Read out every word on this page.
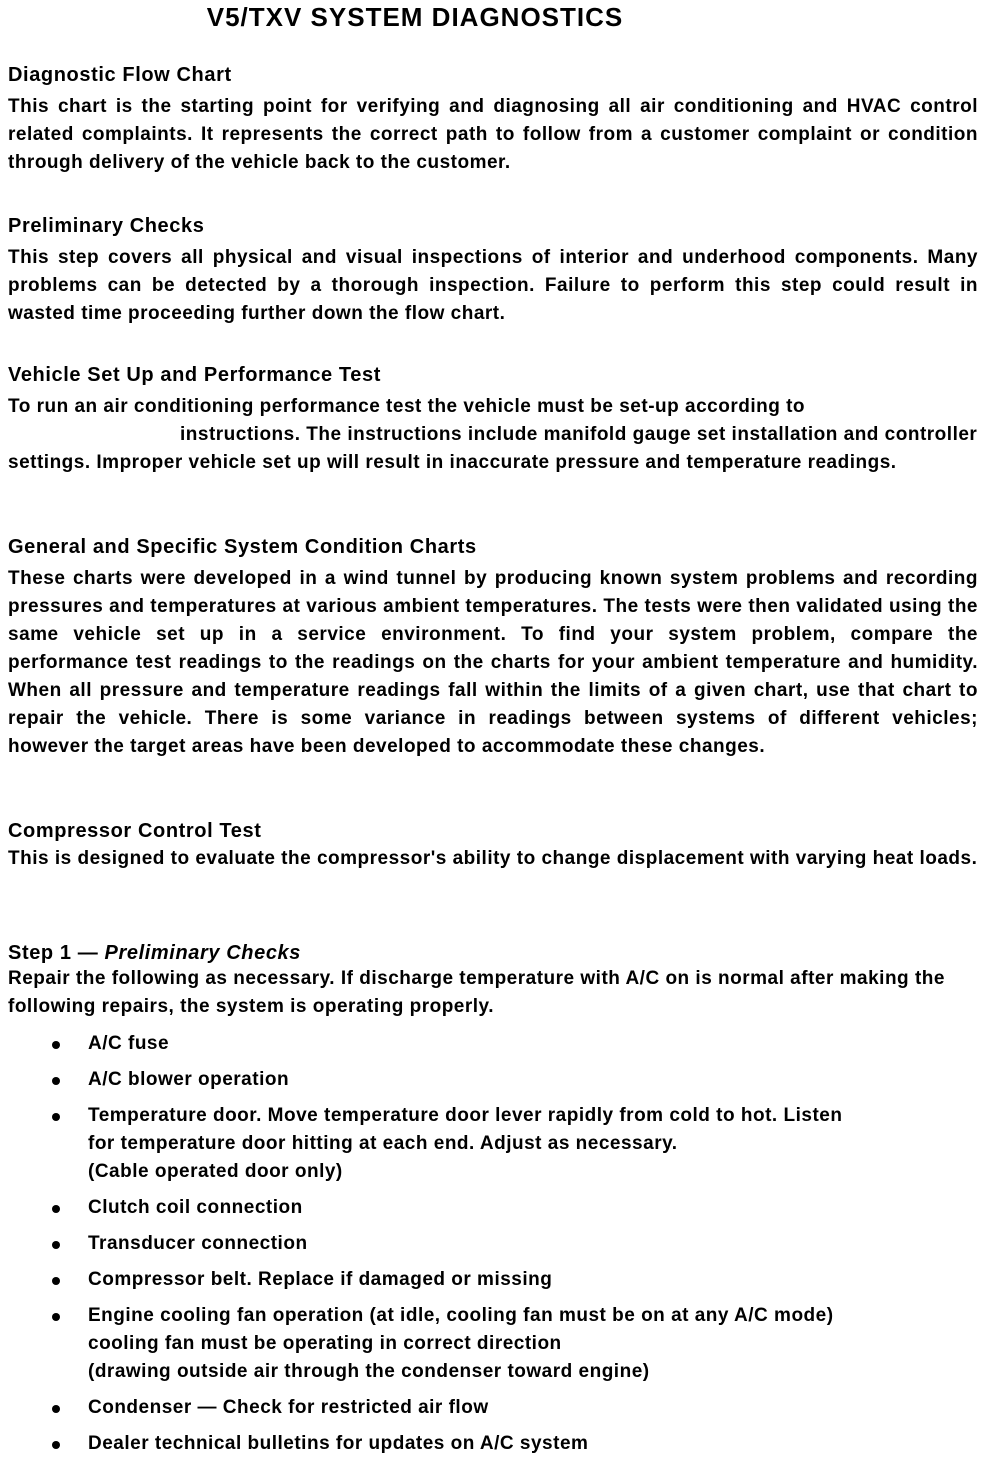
V5/TXV SYSTEM DIAGNOSTICS
Diagnostic Flow Chart

This chart is the starting point for verifying and diagnosing all air conditioning and HVAC control related complaints. It represents the correct path to follow from a customer complaint or condition through delivery of the vehicle back to the customer.

Preliminary Checks

This step covers all physical and visual inspections of interior and underhood components. Many problems can be detected by a thorough inspection. Failure to perform this step could result in wasted time proceeding further down the flow chart.

Vehicle Set Up and Performance Test

To run an air conditioning performance test the vehicle must be set-up according to
instructions. The instructions include manifold gauge set installation and controller settings. Improper vehicle set up will result in inaccurate pressure and temperature readings.

General and Specific System Condition Charts

These charts were developed in a wind tunnel by producing known system problems and recording pressures and temperatures at various ambient temperatures. The tests were then validated using the same vehicle set up in a service environment. To find your system problem, compare the performance test readings to the readings on the charts for your ambient temperature and humidity. When all pressure and temperature readings fall within the limits of a given chart, use that chart to repair the vehicle. There is some variance in readings between systems of different vehicles; however the target areas have been developed to accommodate these changes.

Compressor Control Test

This is designed to evaluate the compressor's ability to change displacement with varying heat loads.

Step 1 — Preliminary Checks

Repair the following as necessary. If discharge temperature with A/C on is normal after making the following repairs, the system is operating properly.

A/C fuse
A/C blower operation
Temperature door. Move temperature door lever rapidly from cold to hot. Listen
for temperature door hitting at each end. Adjust as necessary.
(Cable operated door only)
Clutch coil connection
Transducer connection
Compressor belt. Replace if damaged or missing
Engine cooling fan operation (at idle, cooling fan must be on at any A/C mode)
cooling fan must be operating in correct direction
(drawing outside air through the condenser toward engine)
Condenser — Check for restricted air flow
Dealer technical bulletins for updates on A/C system
